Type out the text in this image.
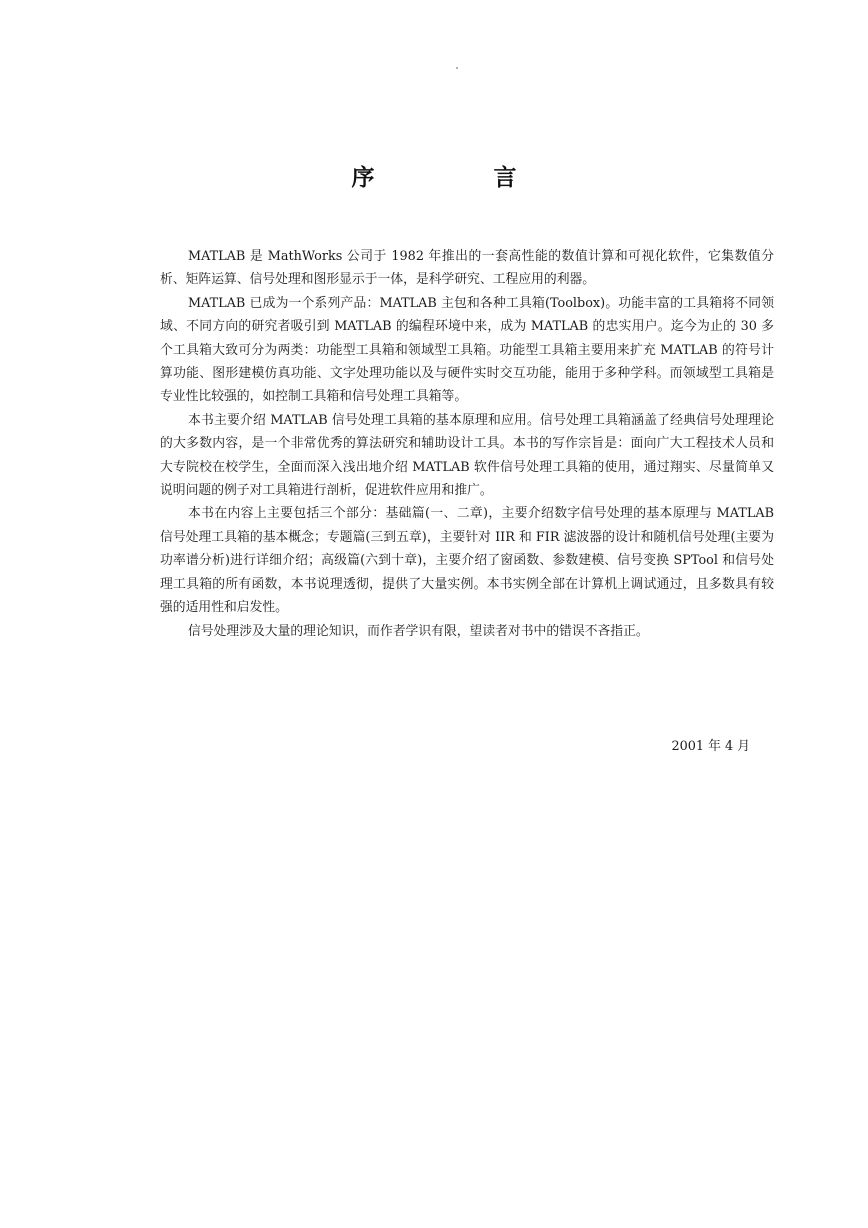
序　言

MATLAB 是 MathWorks 公司于 1982 年推出的一套高性能的数值计算和可视化软件，它集数值分析、矩阵运算、信号处理和图形显示于一体，是科学研究、工程应用的利器。

MATLAB 已成为一个系列产品：MATLAB 主包和各种工具箱(Toolbox)。功能丰富的工具箱将不同领域、不同方向的研究者吸引到 MATLAB 的编程环境中来，成为 MATLAB 的忠实用户。迄今为止的 30 多个工具箱大致可分为两类：功能型工具箱和领域型工具箱。功能型工具箱主要用来扩充 MATLAB 的符号计算功能、图形建模仿真功能、文字处理功能以及与硬件实时交互功能，能用于多种学科。而领域型工具箱是专业性比较强的，如控制工具箱和信号处理工具箱等。

本书主要介绍 MATLAB 信号处理工具箱的基本原理和应用。信号处理工具箱涵盖了经典信号处理理论的大多数内容，是一个非常优秀的算法研究和辅助设计工具。本书的写作宗旨是：面向广大工程技术人员和大专院校在校学生，全面而深入浅出地介绍 MATLAB 软件信号处理工具箱的使用，通过翔实、尽量简单又说明问题的例子对工具箱进行剖析，促进软件应用和推广。

本书在内容上主要包括三个部分：基础篇(一、二章)，主要介绍数字信号处理的基本原理与 MATLAB 信号处理工具箱的基本概念；专题篇(三到五章)，主要针对 IIR 和 FIR 滤波器的设计和随机信号处理(主要为功率谱分析)进行详细介绍；高级篇(六到十章)，主要介绍了窗函数、参数建模、信号变换 SPTool 和信号处理工具箱的所有函数，本书说理透彻，提供了大量实例。本书实例全部在计算机上调试通过，且多数具有较强的适用性和启发性。

信号处理涉及大量的理论知识，而作者学识有限，望读者对书中的错误不吝指正。

2001 年 4 月
